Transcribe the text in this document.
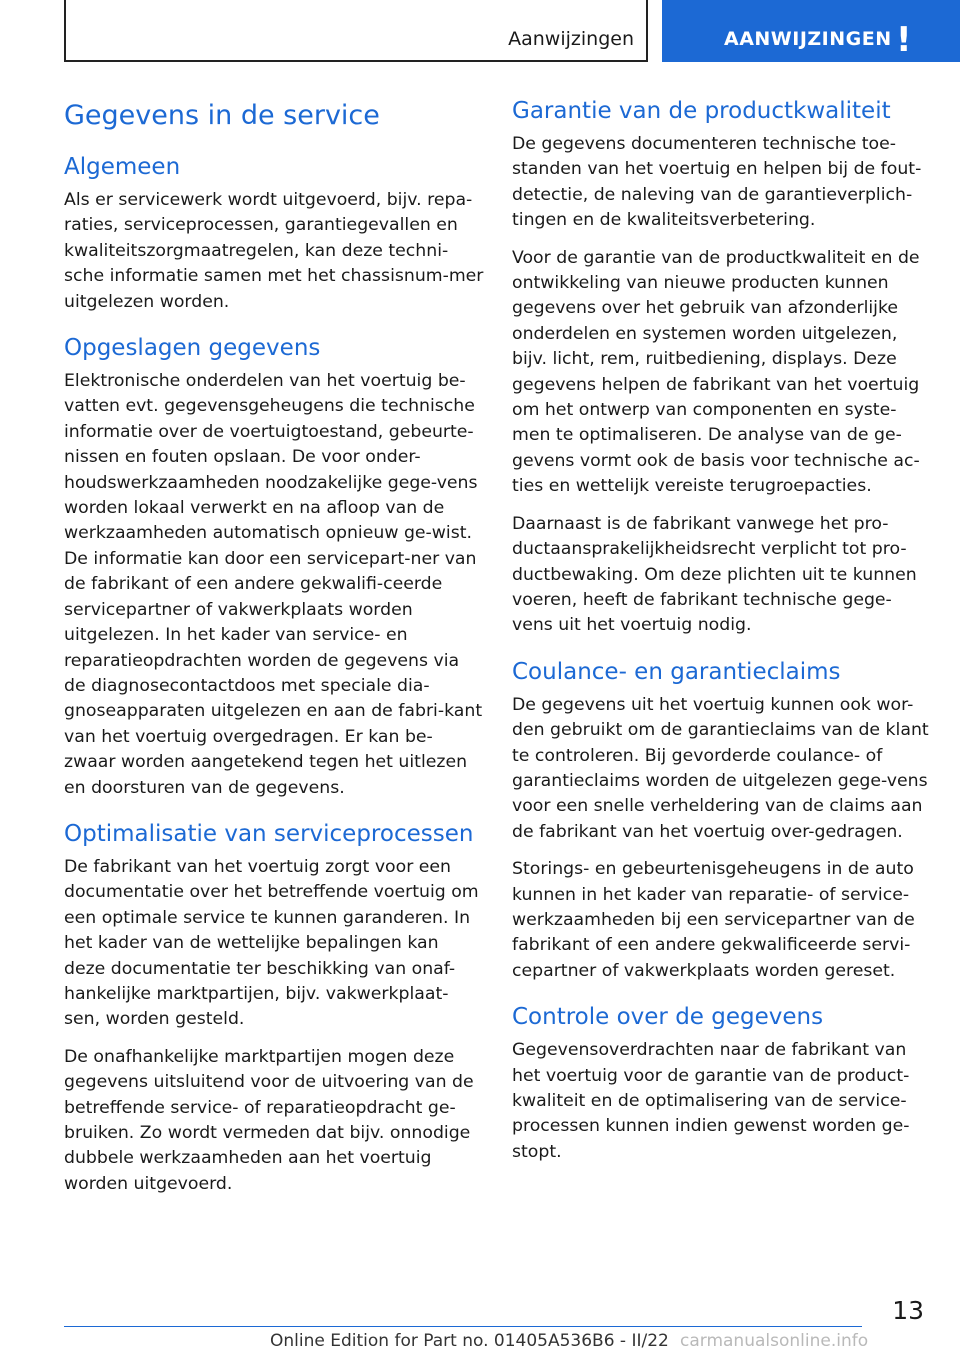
Aanwijzingen	AANWIJZINGEN !
Gegevens in de service
Algemeen

Als er servicewerk wordt uitgevoerd, bijv. repa-raties, serviceprocessen, garantiegevallen en kwaliteitszorgmaatregelen, kan deze techni-sche informatie samen met het chassisnum-mer uitgelezen worden.

Opgeslagen gegevens

Elektronische onderdelen van het voertuig be-vatten evt. gegevensgeheugens die technische informatie over de voertuigtoestand, gebeurte-nissen en fouten opslaan. De voor onder-houdswerkzaamheden noodzakelijke gege-vens worden lokaal verwerkt en na afloop van de werkzaamheden automatisch opnieuw ge-wist. De informatie kan door een servicepart-ner van de fabrikant of een andere gekwalifi-ceerde servicepartner of vakwerkplaats worden uitgelezen. In het kader van service- en reparatieopdrachten worden de gegevens via de diagnosecontactdoos met speciale dia-gnoseapparaten uitgelezen en aan de fabri-kant van het voertuig overgedragen. Er kan be-zwaar worden aangetekend tegen het uitlezen en doorsturen van de gegevens.

Optimalisatie van serviceprocessen

De fabrikant van het voertuig zorgt voor een documentatie over het betreffende voertuig om een optimale service te kunnen garanderen. In het kader van de wettelijke bepalingen kan deze documentatie ter beschikking van onaf-hankelijke marktpartijen, bijv. vakwerkplaat-sen, worden gesteld.

De onafhankelijke marktpartijen mogen deze gegevens uitsluitend voor de uitvoering van de betreffende service- of reparatieopdracht ge-bruiken. Zo wordt vermeden dat bijv. onnodige dubbele werkzaamheden aan het voertuig worden uitgevoerd.

Garantie van de productkwaliteit

De gegevens documenteren technische toe-standen van het voertuig en helpen bij de fout-detectie, de naleving van de garantieverplich-tingen en de kwaliteitsverbetering.

Voor de garantie van de productkwaliteit en de ontwikkeling van nieuwe producten kunnen gegevens over het gebruik van afzonderlijke onderdelen en systemen worden uitgelezen, bijv. licht, rem, ruitbediening, displays. Deze gegevens helpen de fabrikant van het voertuig om het ontwerp van componenten en syste-men te optimaliseren. De analyse van de ge-gevens vormt ook de basis voor technische ac-ties en wettelijk vereiste terugroepacties.

Daarnaast is de fabrikant vanwege het pro-ductaansprakelijkheidsrecht verplicht tot pro-ductbewaking. Om deze plichten uit te kunnen voeren, heeft de fabrikant technische gege-vens uit het voertuig nodig.

Coulance- en garantieclaims

De gegevens uit het voertuig kunnen ook wor-den gebruikt om de garantieclaims van de klant te controleren. Bij gevorderde coulance- of garantieclaims worden de uitgelezen gege-vens voor een snelle verheldering van de claims aan de fabrikant van het voertuig over-gedragen.

Storings- en gebeurtenisgeheugens in de auto kunnen in het kader van reparatie- of service-werkzaamheden bij een servicepartner van de fabrikant of een andere gekwalificeerde servi-cepartner of vakwerkplaats worden gereset.

Controle over de gegevens

Gegevensoverdrachten naar de fabrikant van het voertuig voor de garantie van de product-kwaliteit en de optimalisering van de service-processen kunnen indien gewenst worden ge-stopt.

13
Online Edition for Part no. 01405A536B6 - II/22 carmanualsonline.info
